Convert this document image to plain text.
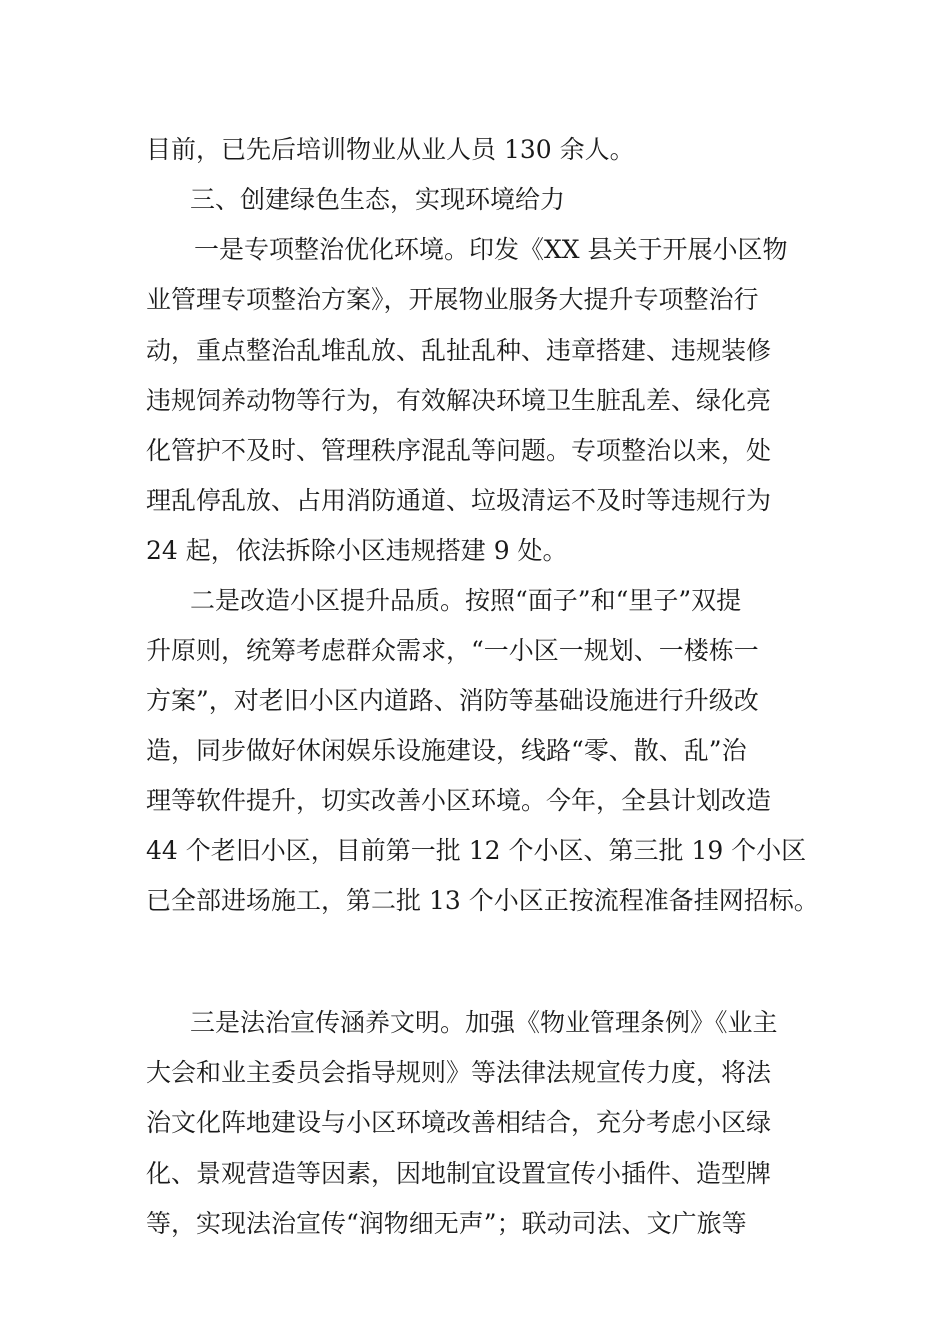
目前，已先后培训物业从业人员 130 余人。

三、创建绿色生态，实现环境给力

一是专项整治优化环境。印发《XX 县关于开展小区物

业管理专项整治方案》，开展物业服务大提升专项整治行

动，重点整治乱堆乱放、乱扯乱种、违章搭建、违规装修

违规饲养动物等行为，有效解决环境卫生脏乱差、绿化亮

化管护不及时、管理秩序混乱等问题。专项整治以来，处

理乱停乱放、占用消防通道、垃圾清运不及时等违规行为

24 起，依法拆除小区违规搭建 9 处。

二是改造小区提升品质。按照“面子”和“里子”双提

升原则，统筹考虑群众需求，“一小区一规划、一楼栋一

方案”，对老旧小区内道路、消防等基础设施进行升级改

造，同步做好休闲娱乐设施建设，线路“零、散、乱”治

理等软件提升，切实改善小区环境。今年，全县计划改造

44 个老旧小区，目前第一批 12 个小区、第三批 19 个小区

已全部进场施工，第二批 13 个小区正按流程准备挂网招标。

三是法治宣传涵养文明。加强《物业管理条例》《业主

大会和业主委员会指导规则》等法律法规宣传力度，将法

治文化阵地建设与小区环境改善相结合，充分考虑小区绿

化、景观营造等因素，因地制宜设置宣传小插件、造型牌

等，实现法治宣传“润物细无声”；联动司法、文广旅等
